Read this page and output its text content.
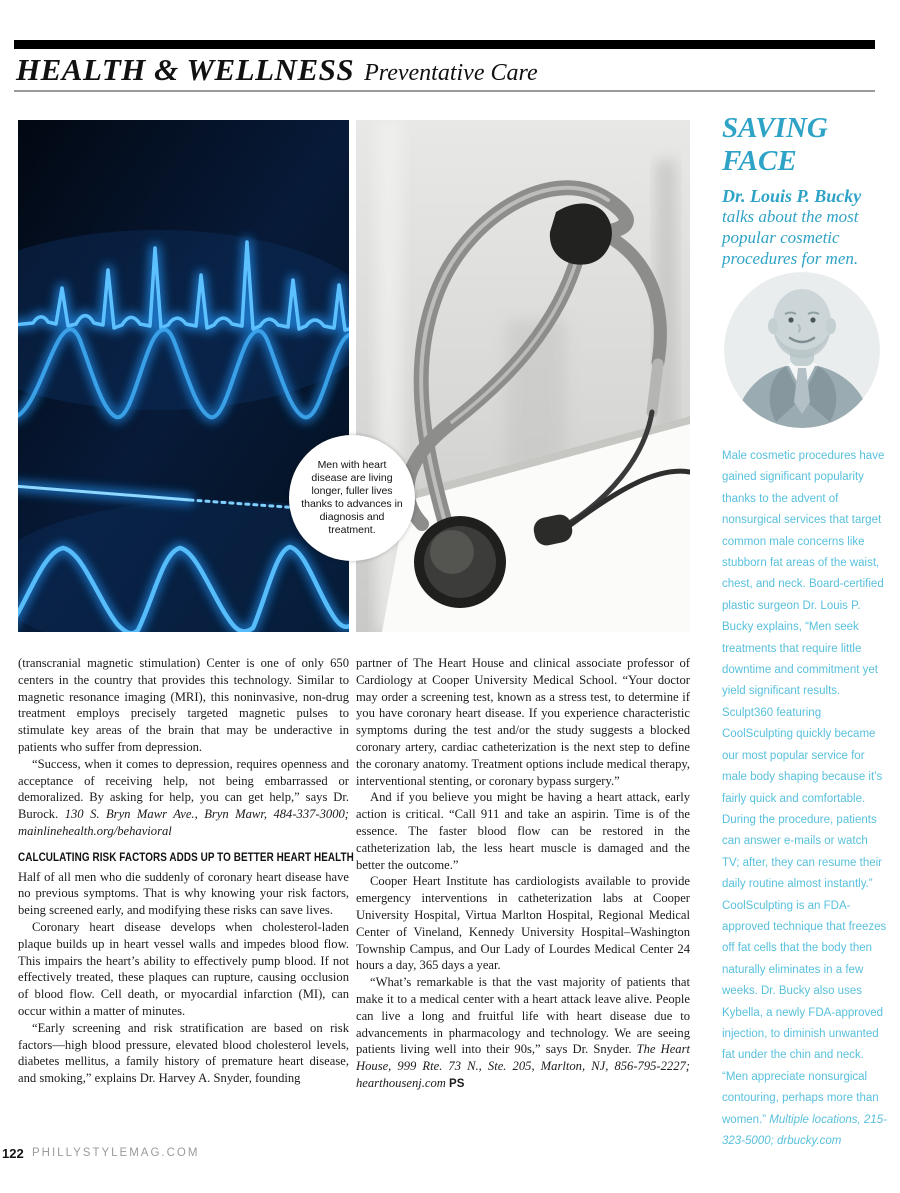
HEALTH & WELLNESS Preventative Care
Men with heart disease are living longer, fuller lives thanks to advances in diagnosis and treatment.
SAVING FACE
Dr. Louis P. Bucky
talks about the most popular cosmetic procedures for men.
Male cosmetic procedures have gained significant popularity thanks to the advent of nonsurgical services that target common male concerns like stubborn fat areas of the waist, chest, and neck. Board-certified plastic surgeon Dr. Louis P. Bucky explains, “Men seek treatments that require little downtime and commitment yet yield significant results. Sculpt360 featuring CoolSculpting quickly became our most popular service for male body shaping because it’s fairly quick and comfortable. During the procedure, patients can answer e-mails or watch TV; after, they can resume their daily routine almost instantly.” CoolSculpting is an FDA-approved technique that freezes off fat cells that the body then naturally eliminates in a few weeks. Dr. Bucky also uses Kybella, a newly FDA-approved injection, to diminish unwanted fat under the chin and neck. “Men appreciate nonsurgical contouring, perhaps more than women.” Multiple locations, 215-323-5000; drbucky.com

(transcranial magnetic stimulation) Center is one of only 650 centers in the country that provides this technology. Similar to magnetic resonance imaging (MRI), this noninvasive, non-drug treatment employs precisely targeted magnetic pulses to stimulate key areas of the brain that may be underactive in patients who suffer from depression.

“Success, when it comes to depression, requires openness and acceptance of receiving help, not being embarrassed or demoralized. By asking for help, you can get help,” says Dr. Burock. 130 S. Bryn Mawr Ave., Bryn Mawr, 484-337-3000; mainlinehealth.org/behavioral

CALCULATING RISK FACTORS ADDS UP TO BETTER HEART HEALTH

Half of all men who die suddenly of coronary heart disease have no previous symptoms. That is why knowing your risk factors, being screened early, and modifying these risks can save lives.

Coronary heart disease develops when cholesterol-laden plaque builds up in heart vessel walls and impedes blood flow. This impairs the heart’s ability to effectively pump blood. If not effectively treated, these plaques can rupture, causing occlusion of blood flow. Cell death, or myocardial infarction (MI), can occur within a matter of minutes.

“Early screening and risk stratification are based on risk factors—high blood pressure, elevated blood cholesterol levels, diabetes mellitus, a family history of premature heart disease, and smoking,” explains Dr. Harvey A. Snyder, founding

partner of The Heart House and clinical associate professor of Cardiology at Cooper University Medical School. “Your doctor may order a screening test, known as a stress test, to determine if you have coronary heart disease. If you experience characteristic symptoms during the test and/or the study suggests a blocked coronary artery, cardiac catheterization is the next step to define the coronary anatomy. Treatment options include medical therapy, interventional stenting, or coronary bypass surgery.”

And if you believe you might be having a heart attack, early action is critical. “Call 911 and take an aspirin. Time is of the essence. The faster blood flow can be restored in the catheterization lab, the less heart muscle is damaged and the better the outcome.”

Cooper Heart Institute has cardiologists available to provide emergency interventions in catheterization labs at Cooper University Hospital, Virtua Marlton Hospital, Regional Medical Center of Vineland, Kennedy University Hospital–Washington Township Campus, and Our Lady of Lourdes Medical Center 24 hours a day, 365 days a year.

“What’s remarkable is that the vast majority of patients that make it to a medical center with a heart attack leave alive. People can live a long and fruitful life with heart disease due to advancements in pharmacology and technology. We are seeing patients living well into their 90s,” says Dr. Snyder. The Heart House, 999 Rte. 73 N., Ste. 205, Marlton, NJ, 856-795-2227; hearthousenj.com PS

122 PHILLYSTYLEMAG.COM
